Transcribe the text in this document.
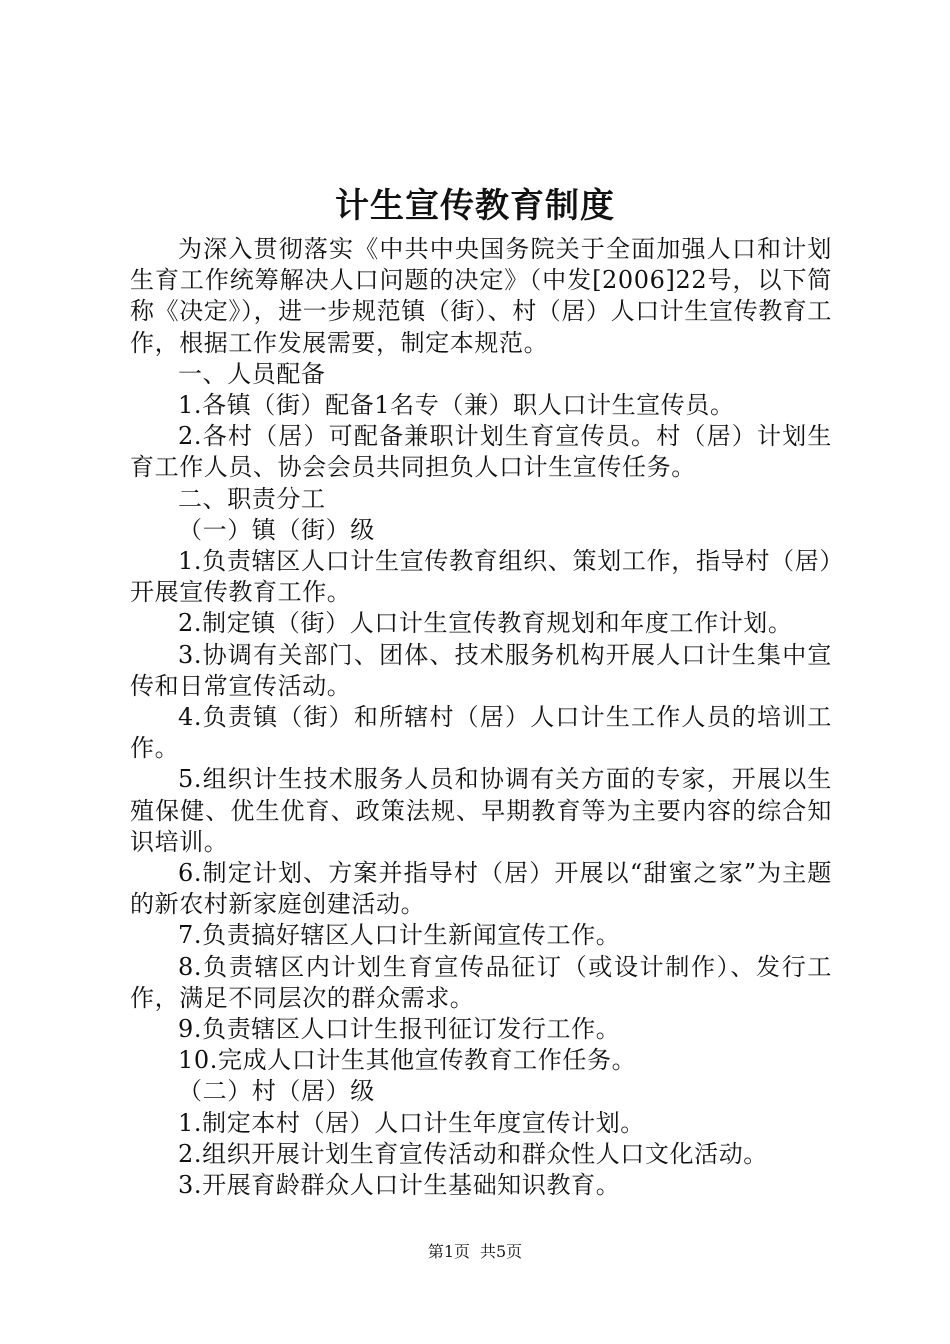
计生宣传教育制度

为深入贯彻落实《中共中央国务院关于全面加强人口和计划生育工作统筹解决人口问题的决定》（中发[2006]22号，以下简称《决定》），进一步规范镇（街）、村（居）人口计生宣传教育工作，根据工作发展需要，制定本规范。

一、人员配备

1.各镇（街）配备1名专（兼）职人口计生宣传员。

2.各村（居）可配备兼职计划生育宣传员。村（居）计划生育工作人员、协会会员共同担负人口计生宣传任务。

二、职责分工

（一）镇（街）级

1.负责辖区人口计生宣传教育组织、策划工作，指导村（居）开展宣传教育工作。

2.制定镇（街）人口计生宣传教育规划和年度工作计划。

3.协调有关部门、团体、技术服务机构开展人口计生集中宣传和日常宣传活动。

4.负责镇（街）和所辖村（居）人口计生工作人员的培训工作。

5.组织计生技术服务人员和协调有关方面的专家，开展以生殖保健、优生优育、政策法规、早期教育等为主要内容的综合知识培训。

6.制定计划、方案并指导村（居）开展以“甜蜜之家”为主题的新农村新家庭创建活动。

7.负责搞好辖区人口计生新闻宣传工作。

8.负责辖区内计划生育宣传品征订（或设计制作）、发行工作，满足不同层次的群众需求。

9.负责辖区人口计生报刊征订发行工作。

10.完成人口计生其他宣传教育工作任务。

（二）村（居）级

1.制定本村（居）人口计生年度宣传计划。

2.组织开展计划生育宣传活动和群众性人口文化活动。

3.开展育龄群众人口计生基础知识教育。

第1页 共5页
